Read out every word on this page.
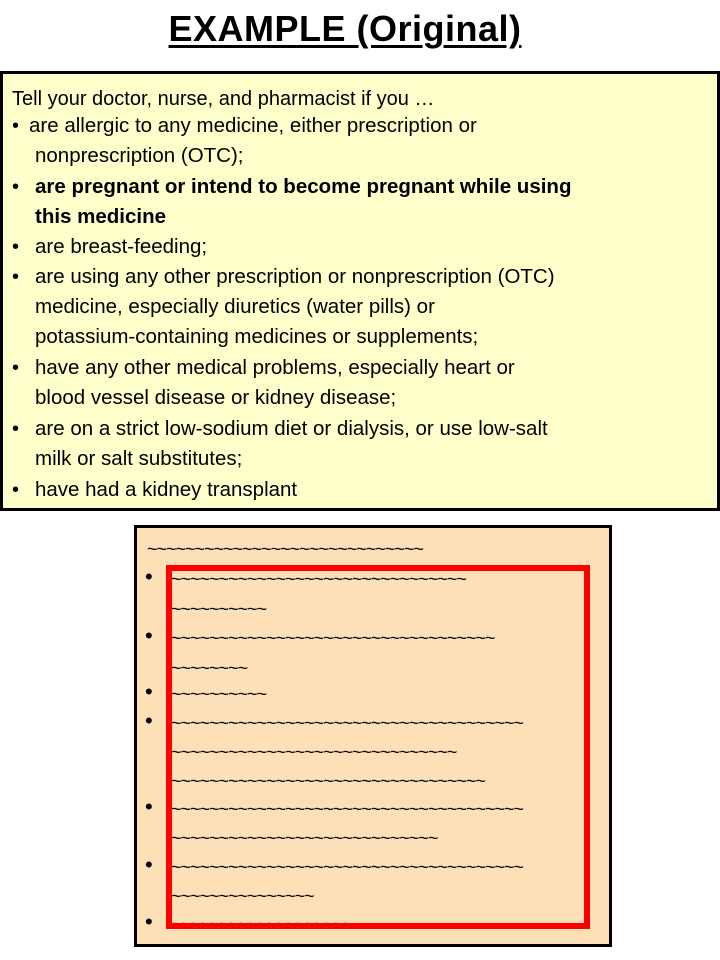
EXAMPLE (Original)
Tell your doctor, nurse, and pharmacist if you …
• are allergic to any medicine, either prescription or
nonprescription (OTC);
• are pregnant or intend to become pregnant while using
this medicine
• are breast-feeding;
• are using any other prescription or nonprescription (OTC)
medicine, especially diuretics (water pills) or
potassium-containing medicines or supplements;
• have any other medical problems, especially heart or
blood vessel disease or kidney disease;
• are on a strict low-sodium diet or dialysis, or use low-salt
milk or salt substitutes;
• have had a kidney transplant
~~~~~~~~~~~~~~~~~~~~~~~~~~~~~
• ~~~~~~~~~~~~~~~~~~~~~~~~~~~~~~~
~~~~~~~~~~
• ~~~~~~~~~~~~~~~~~~~~~~~~~~~~~~~~~~
~~~~~~~~
• ~~~~~~~~~~
• ~~~~~~~~~~~~~~~~~~~~~~~~~~~~~~~~~~~~~
~~~~~~~~~~~~~~~~~~~~~~~~~~~~~~
~~~~~~~~~~~~~~~~~~~~~~~~~~~~~~~~~
• ~~~~~~~~~~~~~~~~~~~~~~~~~~~~~~~~~~~~~
~~~~~~~~~~~~~~~~~~~~~~~~~~~~
• ~~~~~~~~~~~~~~~~~~~~~~~~~~~~~~~~~~~~~
~~~~~~~~~~~~~~~
• ~~~~~~~~~~~~~~~~~~~
